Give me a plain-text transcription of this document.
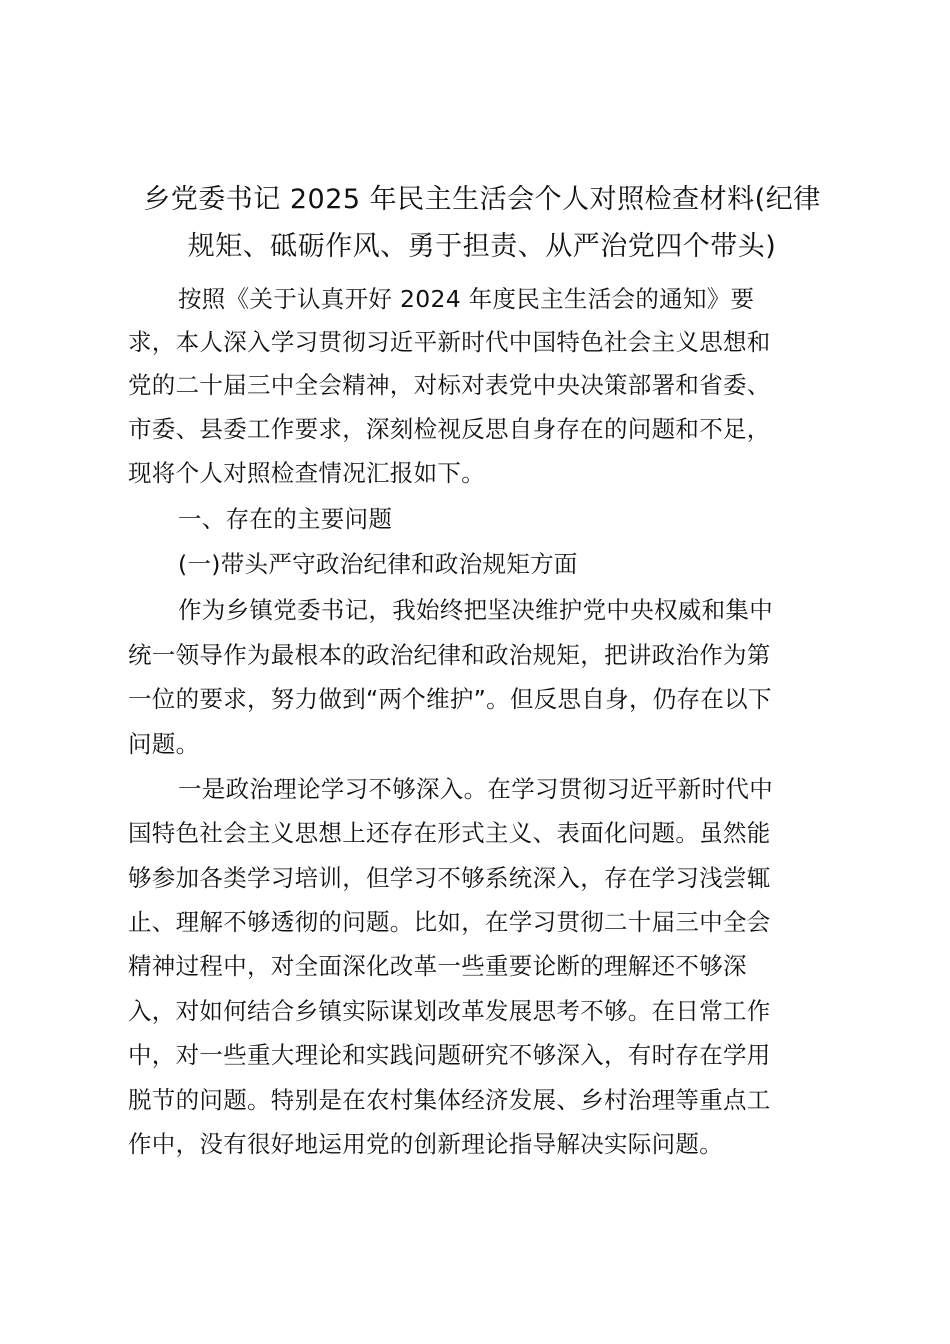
乡党委书记 2025 年民主生活会个人对照检查材料(纪律
规矩、砥砺作风、勇于担责、从严治党四个带头)
按照《关于认真开好 2024 年度民主生活会的通知》要
求，本人深入学习贯彻习近平新时代中国特色社会主义思想和
党的二十届三中全会精神，对标对表党中央决策部署和省委、
市委、县委工作要求，深刻检视反思自身存在的问题和不足，
现将个人对照检查情况汇报如下。
一、存在的主要问题
(一)带头严守政治纪律和政治规矩方面
作为乡镇党委书记，我始终把坚决维护党中央权威和集中
统一领导作为最根本的政治纪律和政治规矩，把讲政治作为第
一位的要求，努力做到“两个维护”。但反思自身，仍存在以下
问题。
一是政治理论学习不够深入。在学习贯彻习近平新时代中
国特色社会主义思想上还存在形式主义、表面化问题。虽然能
够参加各类学习培训，但学习不够系统深入，存在学习浅尝辄
止、理解不够透彻的问题。比如，在学习贯彻二十届三中全会
精神过程中，对全面深化改革一些重要论断的理解还不够深
入，对如何结合乡镇实际谋划改革发展思考不够。在日常工作
中，对一些重大理论和实践问题研究不够深入，有时存在学用
脱节的问题。特别是在农村集体经济发展、乡村治理等重点工
作中，没有很好地运用党的创新理论指导解决实际问题。
